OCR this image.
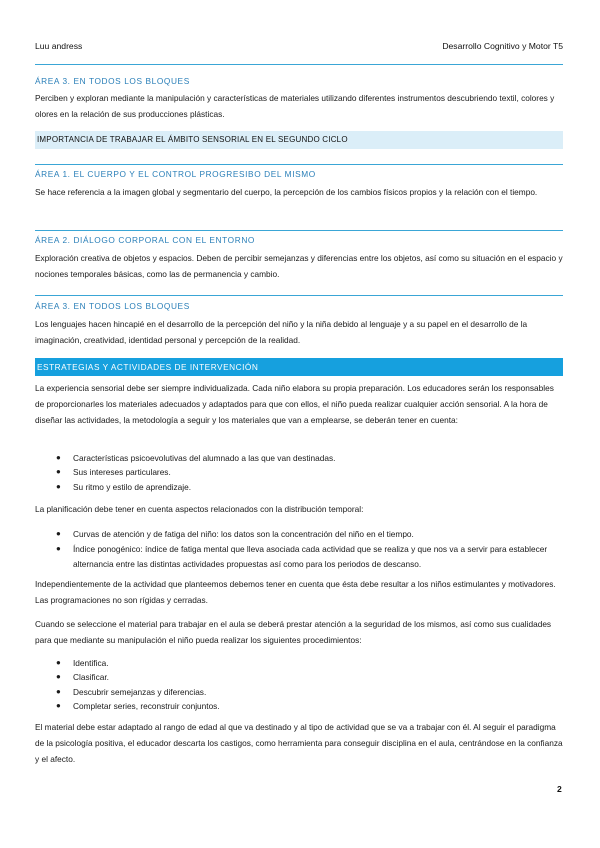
Luu andress	Desarrollo Cognitivo y Motor T5
ÁREA 3. EN TODOS LOS BLOQUES
Perciben y exploran mediante la manipulación y características de materiales utilizando diferentes instrumentos descubriendo textil, colores y olores en la relación de sus producciones plásticas.
IMPORTANCIA DE TRABAJAR EL ÁMBITO SENSORIAL EN EL SEGUNDO CICLO
ÁREA 1. EL CUERPO Y EL CONTROL PROGRESIBO DEL MISMO
Se hace referencia a la imagen global y segmentario del cuerpo, la percepción de los cambios físicos propios y la relación con el tiempo.
ÁREA 2. DIÁLOGO CORPORAL CON EL ENTORNO
Exploración creativa de objetos y espacios. Deben de percibir semejanzas y diferencias entre los objetos, así como su situación en el espacio y nociones temporales básicas, como las de permanencia y cambio.
ÁREA 3. EN TODOS LOS BLOQUES
Los lenguajes hacen hincapié en el desarrollo de la percepción del niño y la niña debido al lenguaje y a su papel en el desarrollo de la imaginación, creatividad, identidad personal y percepción de la realidad.
ESTRATEGIAS Y ACTIVIDADES DE INTERVENCIÓN
La experiencia sensorial debe ser siempre individualizada. Cada niño elabora su propia preparación. Los educadores serán los responsables de proporcionarles los materiales adecuados y adaptados para que con ellos, el niño pueda realizar cualquier acción sensorial. A la hora de diseñar las actividades, la metodología a seguir y los materiales que van a emplearse, se deberán tener en cuenta:
● Características psicoevolutivas del alumnado a las que van destinadas.
● Sus intereses particulares.
● Su ritmo y estilo de aprendizaje.
La planificación debe tener en cuenta aspectos relacionados con la distribución temporal:
● Curvas de atención y de fatiga del niño: los datos son la concentración del niño en el tiempo.
● Índice ponogénico: índice de fatiga mental que lleva asociada cada actividad que se realiza y que nos va a servir para establecer alternancia entre las distintas actividades propuestas así como para los periodos de descanso.
Independientemente de la actividad que planteemos debemos tener en cuenta que ésta debe resultar a los niños estimulantes y motivadores. Las programaciones no son rígidas y cerradas.
Cuando se seleccione el material para trabajar en el aula se deberá prestar atención a la seguridad de los mismos, así como sus cualidades para que mediante su manipulación el niño pueda realizar los siguientes procedimientos:
● Identifica.
● Clasificar.
● Descubrir semejanzas y diferencias.
● Completar series, reconstruir conjuntos.
El material debe estar adaptado al rango de edad al que va destinado y al tipo de actividad que se va a trabajar con él. Al seguir el paradigma de la psicología positiva, el educador descarta los castigos, como herramienta para conseguir disciplina en el aula, centrándose en la confianza y el afecto.
2
